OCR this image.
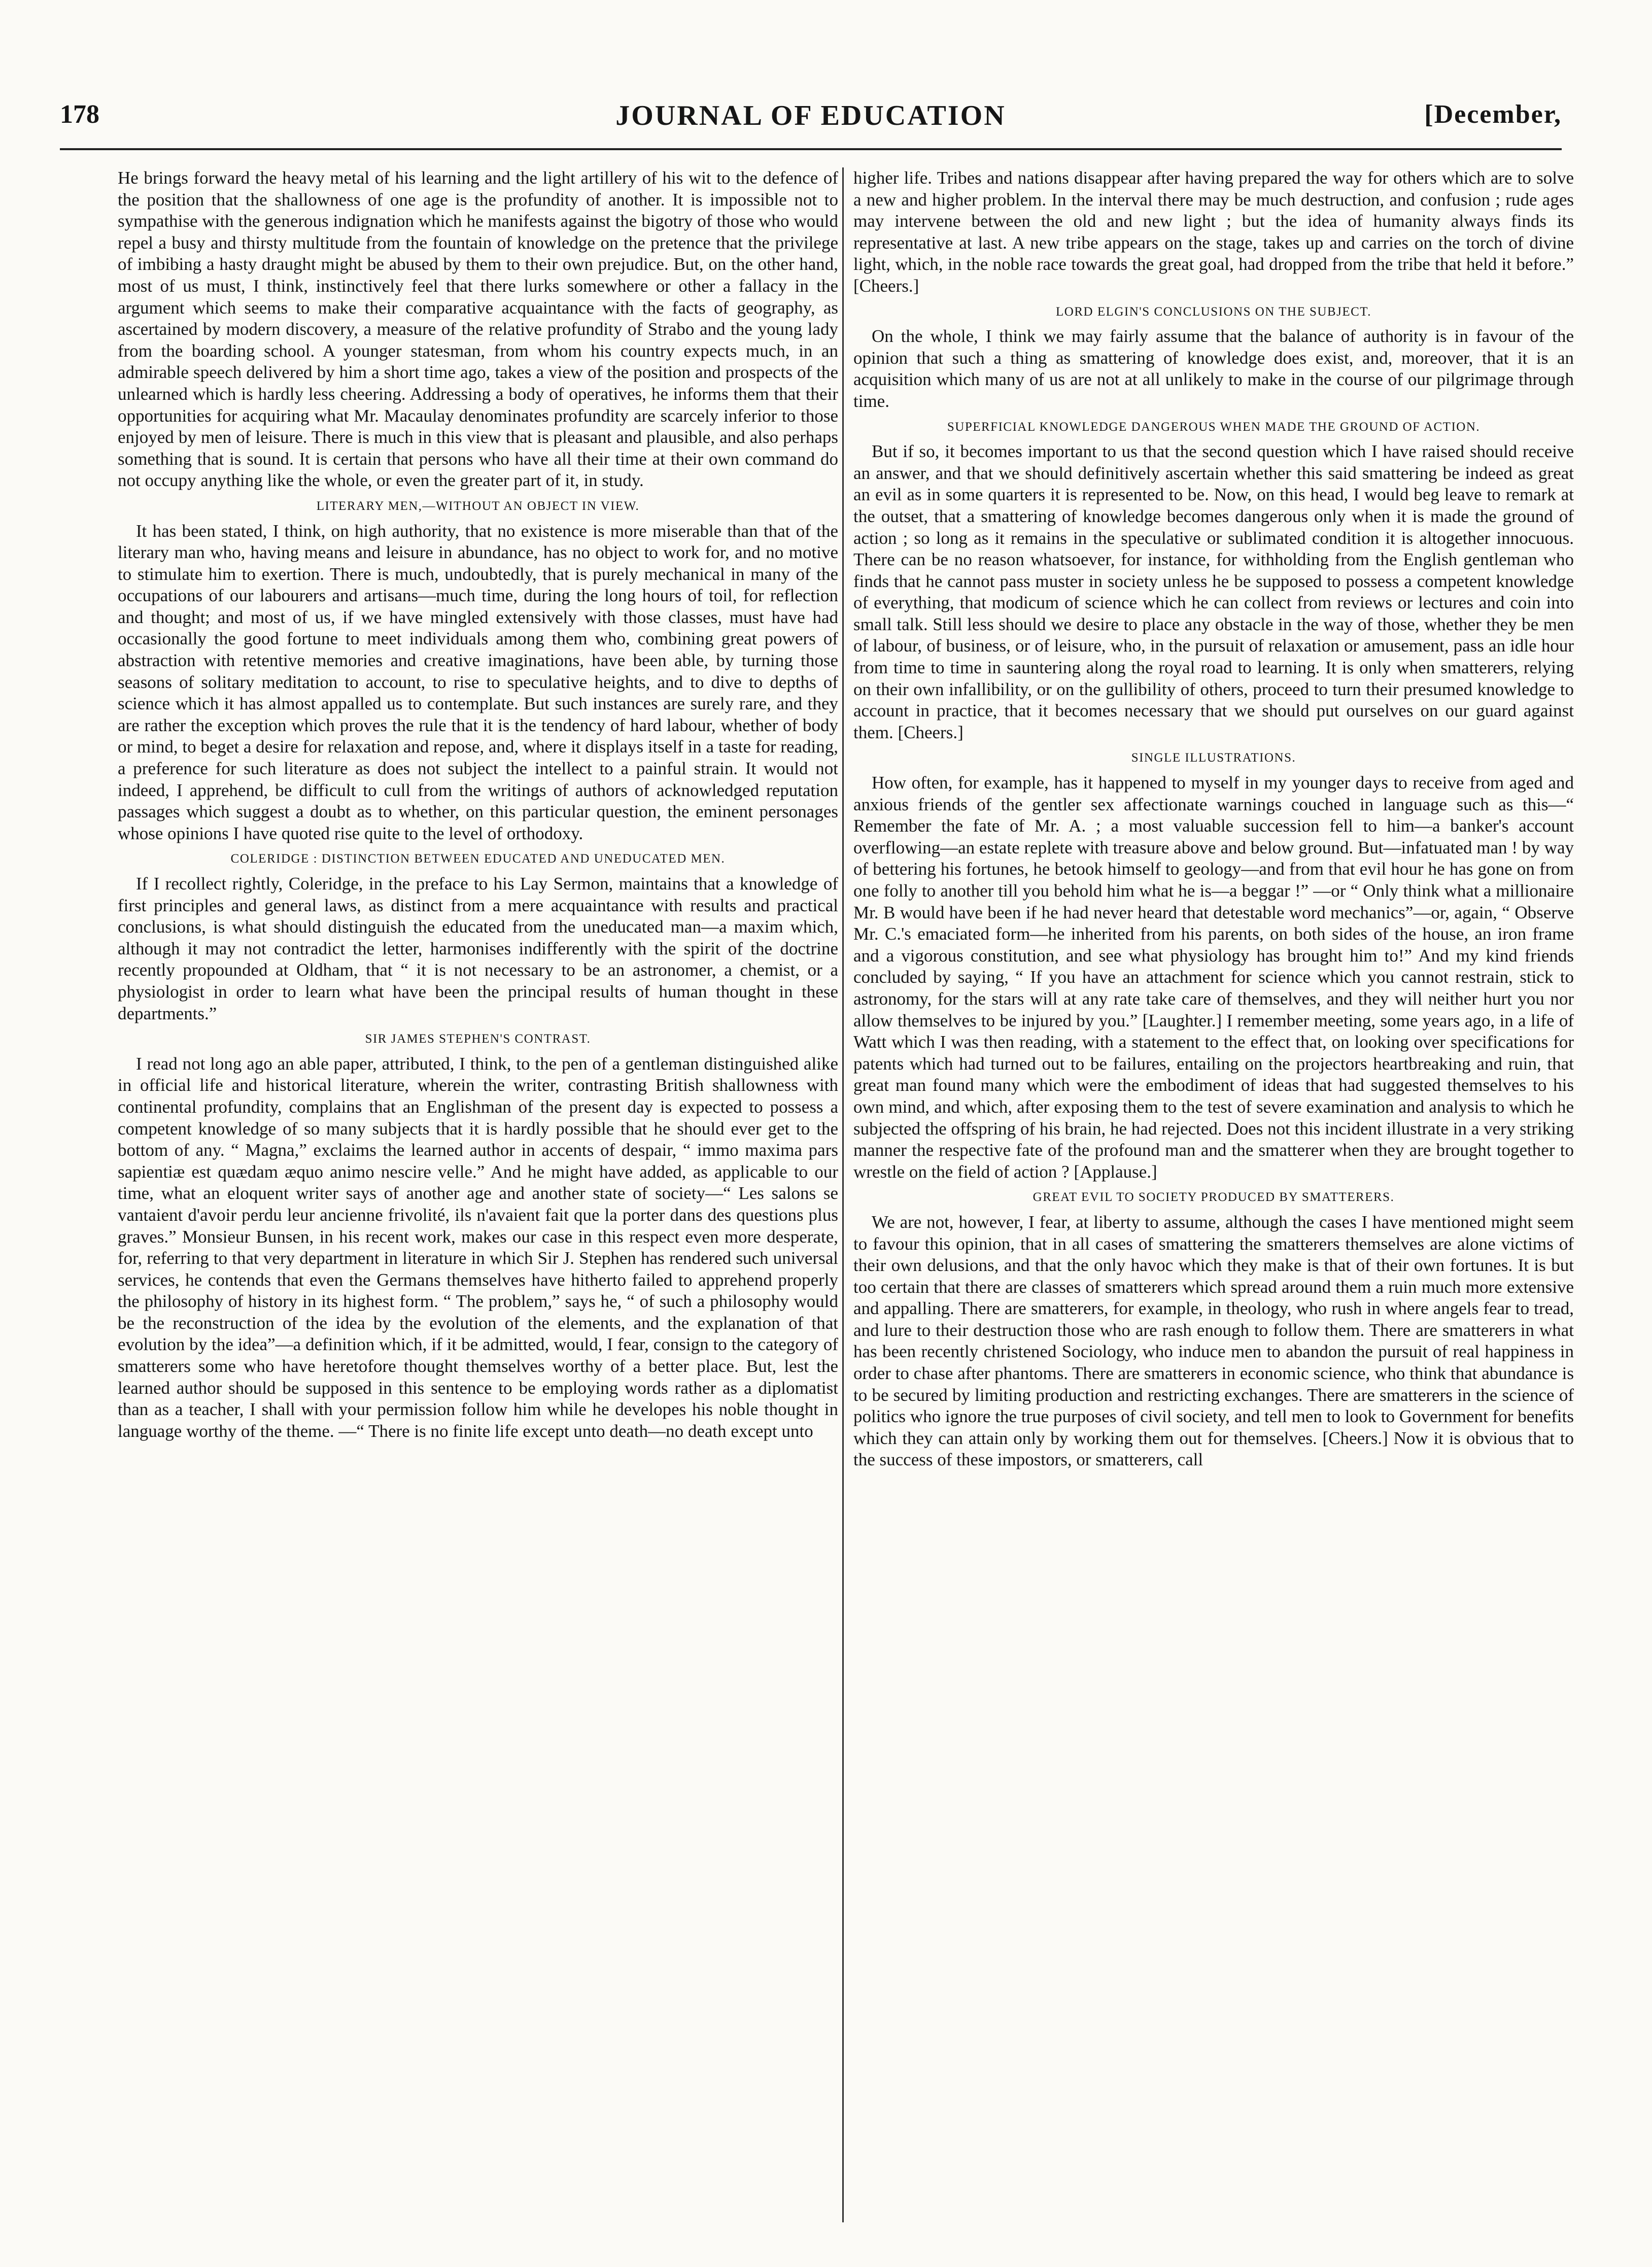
178	JOURNAL OF EDUCATION	[December,

He brings forward the heavy metal of his learning and the light artillery of his wit to the defence of the position that the shallowness of one age is the profundity of another. It is impossible not to sympathise with the generous indignation which he manifests against the bigotry of those who would repel a busy and thirsty multitude from the fountain of knowledge on the pretence that the privilege of imbibing a hasty draught might be abused by them to their own prejudice. But, on the other hand, most of us must, I think, instinctively feel that there lurks somewhere or other a fallacy in the argument which seems to make their comparative acquaintance with the facts of geography, as ascertained by modern discovery, a measure of the relative profundity of Strabo and the young lady from the boarding school. A younger statesman, from whom his country expects much, in an admirable speech delivered by him a short time ago, takes a view of the position and prospects of the unlearned which is hardly less cheering. Addressing a body of operatives, he informs them that their opportunities for acquiring what Mr. Macaulay denominates profundity are scarcely inferior to those enjoyed by men of leisure. There is much in this view that is pleasant and plausible, and also perhaps something that is sound. It is certain that persons who have all their time at their own command do not occupy anything like the whole, or even the greater part of it, in study.

LITERARY MEN,—WITHOUT AN OBJECT IN VIEW.

It has been stated, I think, on high authority, that no existence is more miserable than that of the literary man who, having means and leisure in abundance, has no object to work for, and no motive to stimulate him to exertion. There is much, undoubtedly, that is purely mechanical in many of the occupations of our labourers and artisans—much time, during the long hours of toil, for reflection and thought; and most of us, if we have mingled extensively with those classes, must have had occasionally the good fortune to meet individuals among them who, combining great powers of abstraction with retentive memories and creative imaginations, have been able, by turning those seasons of solitary meditation to account, to rise to speculative heights, and to dive to depths of science which it has almost appalled us to contemplate. But such instances are surely rare, and they are rather the exception which proves the rule that it is the tendency of hard labour, whether of body or mind, to beget a desire for relaxation and repose, and, where it displays itself in a taste for reading, a preference for such literature as does not subject the intellect to a painful strain. It would not indeed, I apprehend, be difficult to cull from the writings of authors of acknowledged reputation passages which suggest a doubt as to whether, on this particular question, the eminent personages whose opinions I have quoted rise quite to the level of orthodoxy.

COLERIDGE : DISTINCTION BETWEEN EDUCATED AND UNEDUCATED MEN.

If I recollect rightly, Coleridge, in the preface to his Lay Sermon, maintains that a knowledge of first principles and general laws, as distinct from a mere acquaintance with results and practical conclusions, is what should distinguish the educated from the uneducated man—a maxim which, although it may not contradict the letter, harmonises indifferently with the spirit of the doctrine recently propounded at Oldham, that “ it is not necessary to be an astronomer, a chemist, or a physiologist in order to learn what have been the principal results of human thought in these departments.”

SIR JAMES STEPHEN'S CONTRAST.

I read not long ago an able paper, attributed, I think, to the pen of a gentleman distinguished alike in official life and historical literature, wherein the writer, contrasting British shallowness with continental profundity, complains that an Englishman of the present day is expected to possess a competent knowledge of so many subjects that it is hardly possible that he should ever get to the bottom of any. “ Magna,” exclaims the learned author in accents of despair, “ immo maxima pars sapientiæ est quædam æquo animo nescire velle.” And he might have added, as applicable to our time, what an eloquent writer says of another age and another state of society—“ Les salons se vantaient d'avoir perdu leur ancienne frivolité, ils n'avaient fait que la porter dans des questions plus graves.” Monsieur Bunsen, in his recent work, makes our case in this respect even more desperate, for, referring to that very department in literature in which Sir J. Stephen has rendered such universal services, he contends that even the Germans themselves have hitherto failed to apprehend properly the philosophy of history in its highest form. “ The problem,” says he, “ of such a philosophy would be the reconstruction of the idea by the evolution of the elements, and the explanation of that evolution by the idea”—a definition which, if it be admitted, would, I fear, consign to the category of smatterers some who have heretofore thought themselves worthy of a better place. But, lest the learned author should be supposed in this sentence to be employing words rather as a diplomatist than as a teacher, I shall with your permission follow him while he developes his noble thought in language worthy of the theme. —“ There is no finite life except unto death—no death except unto

higher life. Tribes and nations disappear after having prepared the way for others which are to solve a new and higher problem. In the interval there may be much destruction, and confusion ; rude ages may intervene between the old and new light ; but the idea of humanity always finds its representative at last. A new tribe appears on the stage, takes up and carries on the torch of divine light, which, in the noble race towards the great goal, had dropped from the tribe that held it before.” [Cheers.]

LORD ELGIN'S CONCLUSIONS ON THE SUBJECT.

On the whole, I think we may fairly assume that the balance of authority is in favour of the opinion that such a thing as smattering of knowledge does exist, and, moreover, that it is an acquisition which many of us are not at all unlikely to make in the course of our pilgrimage through time.

SUPERFICIAL KNOWLEDGE DANGEROUS WHEN MADE THE GROUND OF ACTION.

But if so, it becomes important to us that the second question which I have raised should receive an answer, and that we should definitively ascertain whether this said smattering be indeed as great an evil as in some quarters it is represented to be. Now, on this head, I would beg leave to remark at the outset, that a smattering of knowledge becomes dangerous only when it is made the ground of action ; so long as it remains in the speculative or sublimated condition it is altogether innocuous. There can be no reason whatsoever, for instance, for withholding from the English gentleman who finds that he cannot pass muster in society unless he be supposed to possess a competent knowledge of everything, that modicum of science which he can collect from reviews or lectures and coin into small talk. Still less should we desire to place any obstacle in the way of those, whether they be men of labour, of business, or of leisure, who, in the pursuit of relaxation or amusement, pass an idle hour from time to time in sauntering along the royal road to learning. It is only when smatterers, relying on their own infallibility, or on the gullibility of others, proceed to turn their presumed knowledge to account in practice, that it becomes necessary that we should put ourselves on our guard against them. [Cheers.]

SINGLE ILLUSTRATIONS.

How often, for example, has it happened to myself in my younger days to receive from aged and anxious friends of the gentler sex affectionate warnings couched in language such as this—“ Remember the fate of Mr. A. ; a most valuable succession fell to him—a banker's account overflowing—an estate replete with treasure above and below ground. But—infatuated man ! by way of bettering his fortunes, he betook himself to geology—and from that evil hour he has gone on from one folly to another till you behold him what he is—a beggar !” —or “ Only think what a millionaire Mr. B would have been if he had never heard that detestable word mechanics”—or, again, “ Observe Mr. C.'s emaciated form—he inherited from his parents, on both sides of the house, an iron frame and a vigorous constitution, and see what physiology has brought him to!” And my kind friends concluded by saying, “ If you have an attachment for science which you cannot restrain, stick to astronomy, for the stars will at any rate take care of themselves, and they will neither hurt you nor allow themselves to be injured by you.” [Laughter.] I remember meeting, some years ago, in a life of Watt which I was then reading, with a statement to the effect that, on looking over specifications for patents which had turned out to be failures, entailing on the projectors heartbreaking and ruin, that great man found many which were the embodiment of ideas that had suggested themselves to his own mind, and which, after exposing them to the test of severe examination and analysis to which he subjected the offspring of his brain, he had rejected. Does not this incident illustrate in a very striking manner the respective fate of the profound man and the smatterer when they are brought together to wrestle on the field of action ? [Applause.]

GREAT EVIL TO SOCIETY PRODUCED BY SMATTERERS.

We are not, however, I fear, at liberty to assume, although the cases I have mentioned might seem to favour this opinion, that in all cases of smattering the smatterers themselves are alone victims of their own delusions, and that the only havoc which they make is that of their own fortunes. It is but too certain that there are classes of smatterers which spread around them a ruin much more extensive and appalling. There are smatterers, for example, in theology, who rush in where angels fear to tread, and lure to their destruction those who are rash enough to follow them. There are smatterers in what has been recently christened Sociology, who induce men to abandon the pursuit of real happiness in order to chase after phantoms. There are smatterers in economic science, who think that abundance is to be secured by limiting production and restricting exchanges. There are smatterers in the science of politics who ignore the true purposes of civil society, and tell men to look to Government for benefits which they can attain only by working them out for themselves. [Cheers.] Now it is obvious that to the success of these impostors, or smatterers, call
